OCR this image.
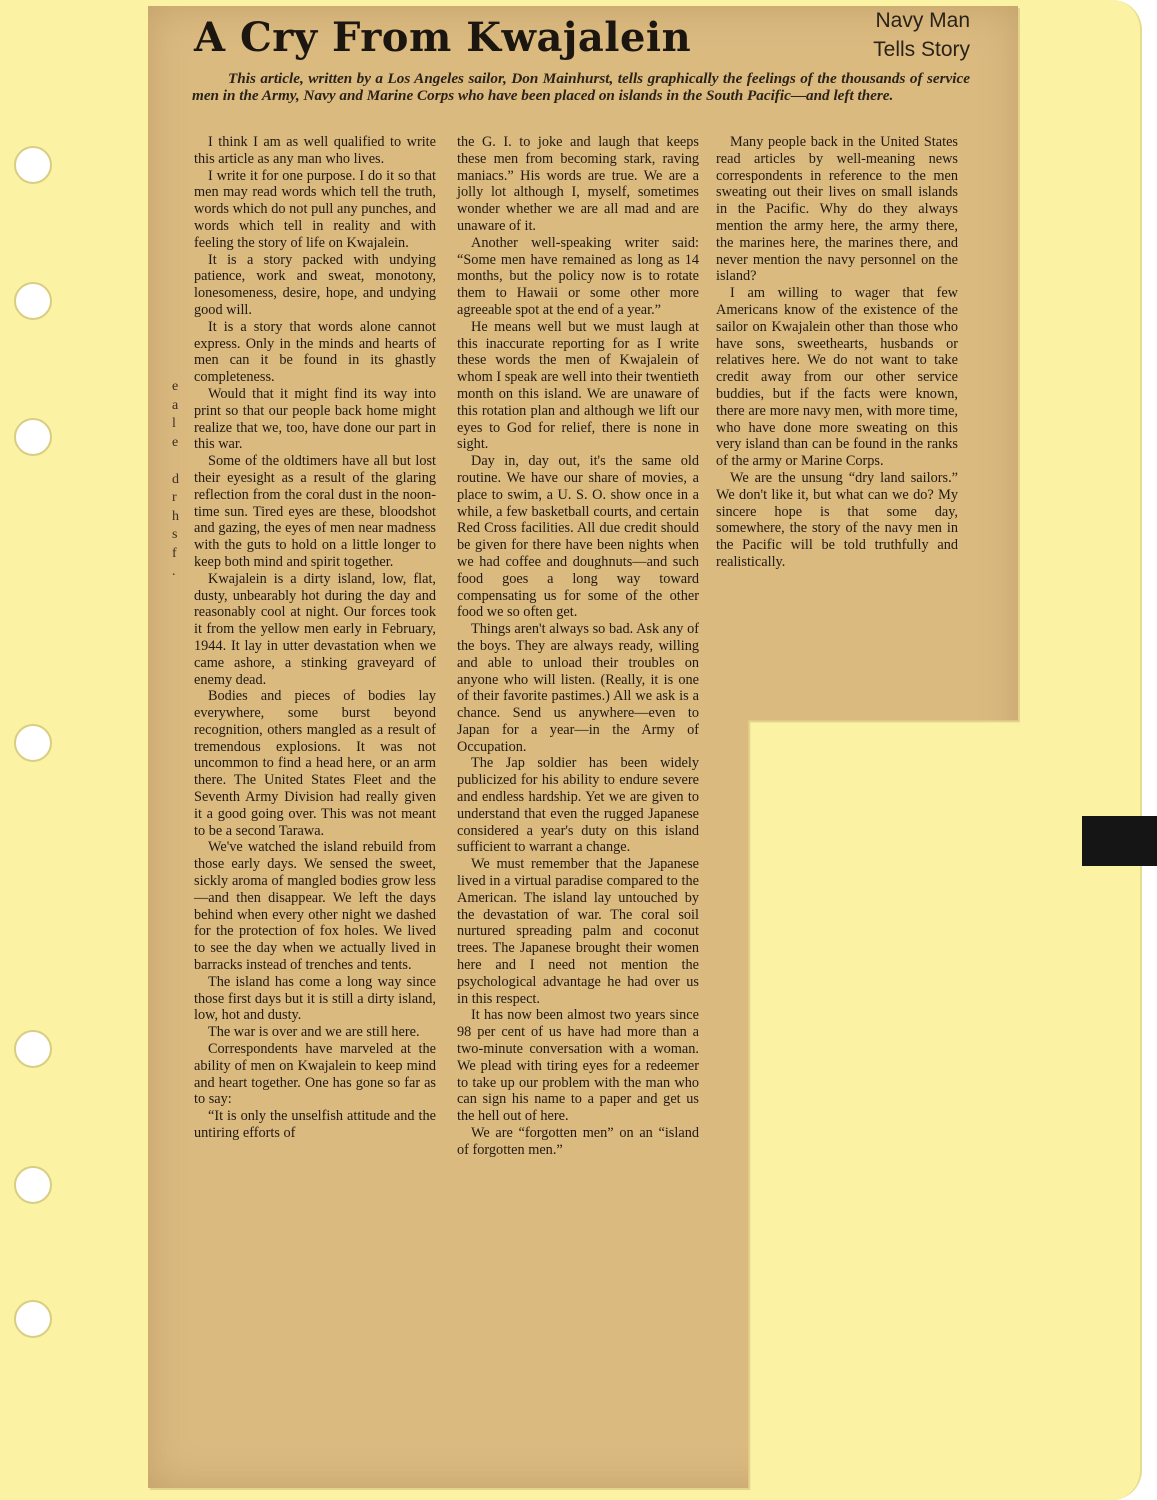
e
a
l
e

d
r
h
s
f
.
A Cry From Kwajalein	Navy Man
Tells Story
This article, written by a Los Angeles sailor, Don Mainhurst, tells graphically the feelings of the thousands of service men in the Army, Navy and Marine Corps who have been placed on islands in the South Pacific—and left there.

I think I am as well qualified to write this article as any man who lives.

I write it for one purpose. I do it so that men may read words which tell the truth, words which do not pull any punches, and words which tell in reality and with feeling the story of life on Kwajalein.

It is a story packed with undying patience, work and sweat, monotony, lonesomeness, desire, hope, and undying good will.

It is a story that words alone cannot express. Only in the minds and hearts of men can it be found in its ghastly completeness.

Would that it might find its way into print so that our people back home might realize that we, too, have done our part in this war.

Some of the oldtimers have all but lost their eyesight as a result of the glaring reflection from the coral dust in the noon-time sun. Tired eyes are these, bloodshot and gazing, the eyes of men near madness with the guts to hold on a little longer to keep both mind and spirit together.

Kwajalein is a dirty island, low, flat, dusty, unbearably hot during the day and reasonably cool at night. Our forces took it from the yellow men early in February, 1944. It lay in utter devastation when we came ashore, a stinking graveyard of enemy dead.

Bodies and pieces of bodies lay everywhere, some burst beyond recognition, others mangled as a result of tremendous explosions. It was not uncommon to find a head here, or an arm there. The United States Fleet and the Seventh Army Division had really given it a good going over. This was not meant to be a second Tarawa.

We've watched the island rebuild from those early days. We sensed the sweet, sickly aroma of mangled bodies grow less—and then disappear. We left the days behind when every other night we dashed for the protection of fox holes. We lived to see the day when we actually lived in barracks instead of trenches and tents.

The island has come a long way since those first days but it is still a dirty island, low, hot and dusty.

The war is over and we are still here.

Correspondents have marveled at the ability of men on Kwajalein to keep mind and heart together. One has gone so far as to say:

“It is only the unselfish attitude and the untiring efforts of

the G. I. to joke and laugh that keeps these men from becoming stark, raving maniacs.” His words are true. We are a jolly lot although I, myself, sometimes wonder whether we are all mad and are unaware of it.

Another well-speaking writer said: “Some men have remained as long as 14 months, but the policy now is to rotate them to Hawaii or some other more agreeable spot at the end of a year.”

He means well but we must laugh at this inaccurate reporting for as I write these words the men of Kwajalein of whom I speak are well into their twentieth month on this island. We are unaware of this rotation plan and although we lift our eyes to God for relief, there is none in sight.

Day in, day out, it's the same old routine. We have our share of movies, a place to swim, a U. S. O. show once in a while, a few basketball courts, and certain Red Cross facilities. All due credit should be given for there have been nights when we had coffee and doughnuts—and such food goes a long way toward compensating us for some of the other food we so often get.

Things aren't always so bad. Ask any of the boys. They are always ready, willing and able to unload their troubles on anyone who will listen. (Really, it is one of their favorite pastimes.) All we ask is a chance. Send us anywhere—even to Japan for a year—in the Army of Occupation.

The Jap soldier has been widely publicized for his ability to endure severe and endless hardship. Yet we are given to understand that even the rugged Japanese considered a year's duty on this island sufficient to warrant a change.

We must remember that the Japanese lived in a virtual paradise compared to the American. The island lay untouched by the devastation of war. The coral soil nurtured spreading palm and coconut trees. The Japanese brought their women here and I need not mention the psychological advantage he had over us in this respect.

It has now been almost two years since 98 per cent of us have had more than a two-minute conversation with a woman. We plead with tiring eyes for a redeemer to take up our problem with the man who can sign his name to a paper and get us the hell out of here.

We are “forgotten men” on an “island of forgotten men.”

Many people back in the United States read articles by well-meaning news correspondents in reference to the men sweating out their lives on small islands in the Pacific. Why do they always mention the army here, the army there, the marines here, the marines there, and never mention the navy personnel on the island?

I am willing to wager that few Americans know of the existence of the sailor on Kwajalein other than those who have sons, sweethearts, husbands or relatives here. We do not want to take credit away from our other service buddies, but if the facts were known, there are more navy men, with more time, who have done more sweating on this very island than can be found in the ranks of the army or Marine Corps.

We are the unsung “dry land sailors.” We don't like it, but what can we do? My sincere hope is that some day, somewhere, the story of the navy men in the Pacific will be told truthfully and realistically.
